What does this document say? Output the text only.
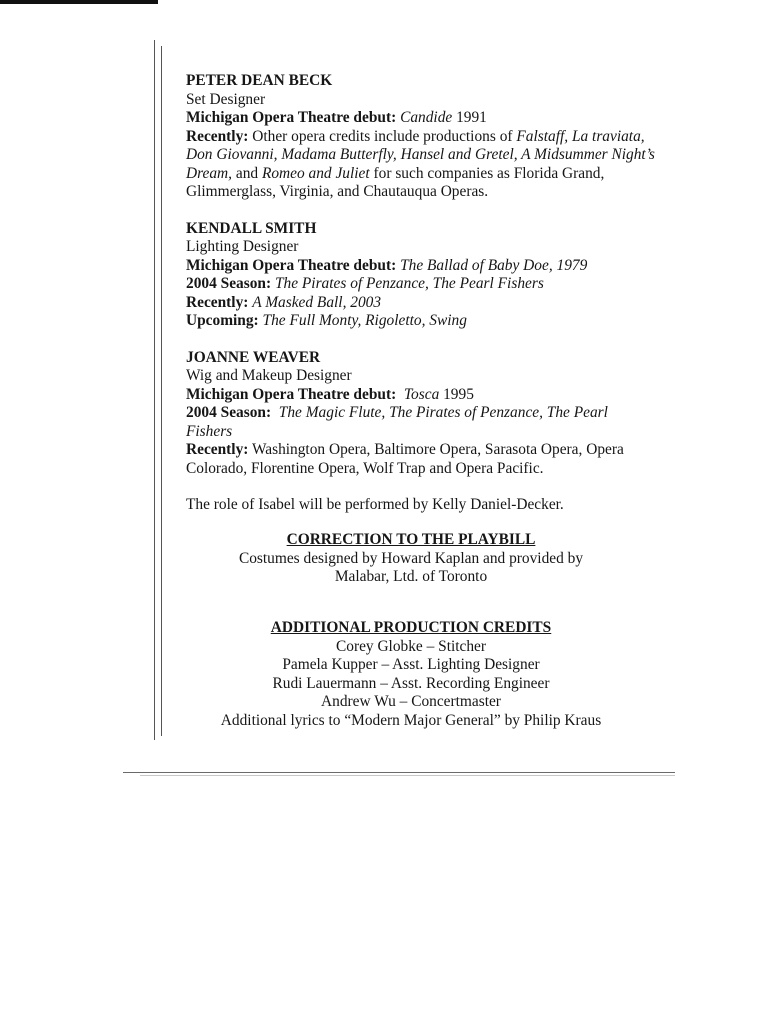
PETER DEAN BECK
Set Designer
Michigan Opera Theatre debut: Candide 1991
Recently: Other opera credits include productions of Falstaff, La traviata, Don Giovanni, Madama Butterfly, Hansel and Gretel, A Midsummer Night’s Dream, and Romeo and Juliet for such companies as Florida Grand, Glimmerglass, Virginia, and Chautauqua Operas.
KENDALL SMITH
Lighting Designer
Michigan Opera Theatre debut: The Ballad of Baby Doe, 1979
2004 Season: The Pirates of Penzance, The Pearl Fishers
Recently: A Masked Ball, 2003
Upcoming: The Full Monty, Rigoletto, Swing
JOANNE WEAVER
Wig and Makeup Designer
Michigan Opera Theatre debut: Tosca 1995
2004 Season: The Magic Flute, The Pirates of Penzance, The Pearl Fishers
Recently: Washington Opera, Baltimore Opera, Sarasota Opera, Opera Colorado, Florentine Opera, Wolf Trap and Opera Pacific.

The role of Isabel will be performed by Kelly Daniel-Decker.

CORRECTION TO THE PLAYBILL
Costumes designed by Howard Kaplan and provided by
Malabar, Ltd. of Toronto
ADDITIONAL PRODUCTION CREDITS
Corey Globke – Stitcher
Pamela Kupper – Asst. Lighting Designer
Rudi Lauermann – Asst. Recording Engineer
Andrew Wu – Concertmaster
Additional lyrics to “Modern Major General” by Philip Kraus
